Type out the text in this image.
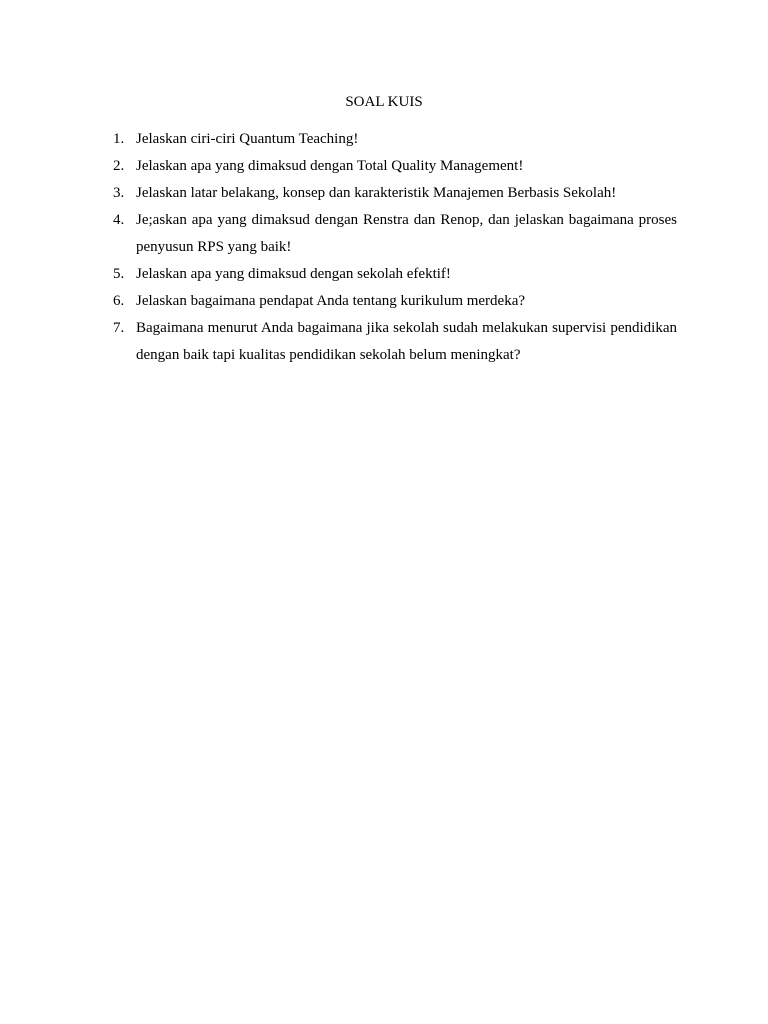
SOAL KUIS
1. Jelaskan ciri-ciri Quantum Teaching!
2. Jelaskan apa yang dimaksud dengan Total Quality Management!
3. Jelaskan latar belakang, konsep dan karakteristik Manajemen Berbasis Sekolah!
4. Je;askan apa yang dimaksud dengan Renstra dan Renop, dan jelaskan bagaimana proses penyusun RPS yang baik!
5. Jelaskan apa yang dimaksud dengan sekolah efektif!
6. Jelaskan bagaimana pendapat Anda tentang kurikulum merdeka?
7. Bagaimana menurut Anda bagaimana jika sekolah sudah melakukan supervisi pendidikan dengan baik tapi kualitas pendidikan sekolah belum meningkat?
